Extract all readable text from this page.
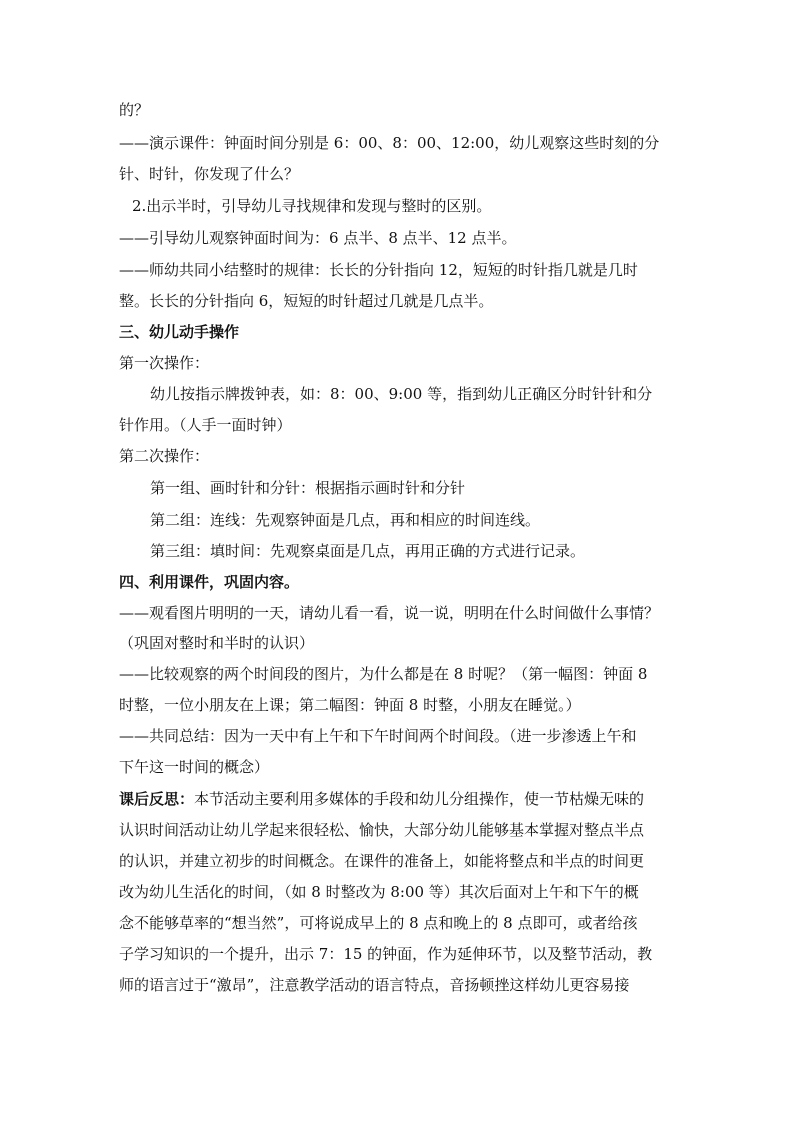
的？
——演示课件：钟面时间分别是 6：00、8：00、12:00，幼儿观察这些时刻的分
针、时针，你发现了什么？
2.出示半时，引导幼儿寻找规律和发现与整时的区别。
——引导幼儿观察钟面时间为：6 点半、8 点半、12 点半。
——师幼共同小结整时的规律：长长的分针指向 12，短短的时针指几就是几时
整。长长的分针指向 6，短短的时针超过几就是几点半。
三、幼儿动手操作
第一次操作：
幼儿按指示牌拨钟表，如：8：00、9:00 等，指到幼儿正确区分时针针和分
针作用。（人手一面时钟）
第二次操作：
第一组、画时针和分针：根据指示画时针和分针
第二组：连线：先观察钟面是几点，再和相应的时间连线。
第三组：填时间：先观察桌面是几点，再用正确的方式进行记录。
四、利用课件，巩固内容。
——观看图片明明的一天，请幼儿看一看，说一说，明明在什么时间做什么事情？
（巩固对整时和半时的认识）
——比较观察的两个时间段的图片，为什么都是在 8 时呢？（第一幅图：钟面 8
时整，一位小朋友在上课；第二幅图：钟面 8 时整，小朋友在睡觉。）
——共同总结：因为一天中有上午和下午时间两个时间段。（进一步渗透上午和
下午这一时间的概念）
课后反思：本节活动主要利用多媒体的手段和幼儿分组操作，使一节枯燥无味的
认识时间活动让幼儿学起来很轻松、愉快，大部分幼儿能够基本掌握对整点半点
的认识，并建立初步的时间概念。在课件的准备上，如能将整点和半点的时间更
改为幼儿生活化的时间，（如 8 时整改为 8:00 等）其次后面对上午和下午的概
念不能够草率的“想当然”，可将说成早上的 8 点和晚上的 8 点即可，或者给孩
子学习知识的一个提升，出示 7：15 的钟面，作为延伸环节，以及整节活动，教
师的语言过于“激昂”，注意教学活动的语言特点，音扬顿挫这样幼儿更容易接
